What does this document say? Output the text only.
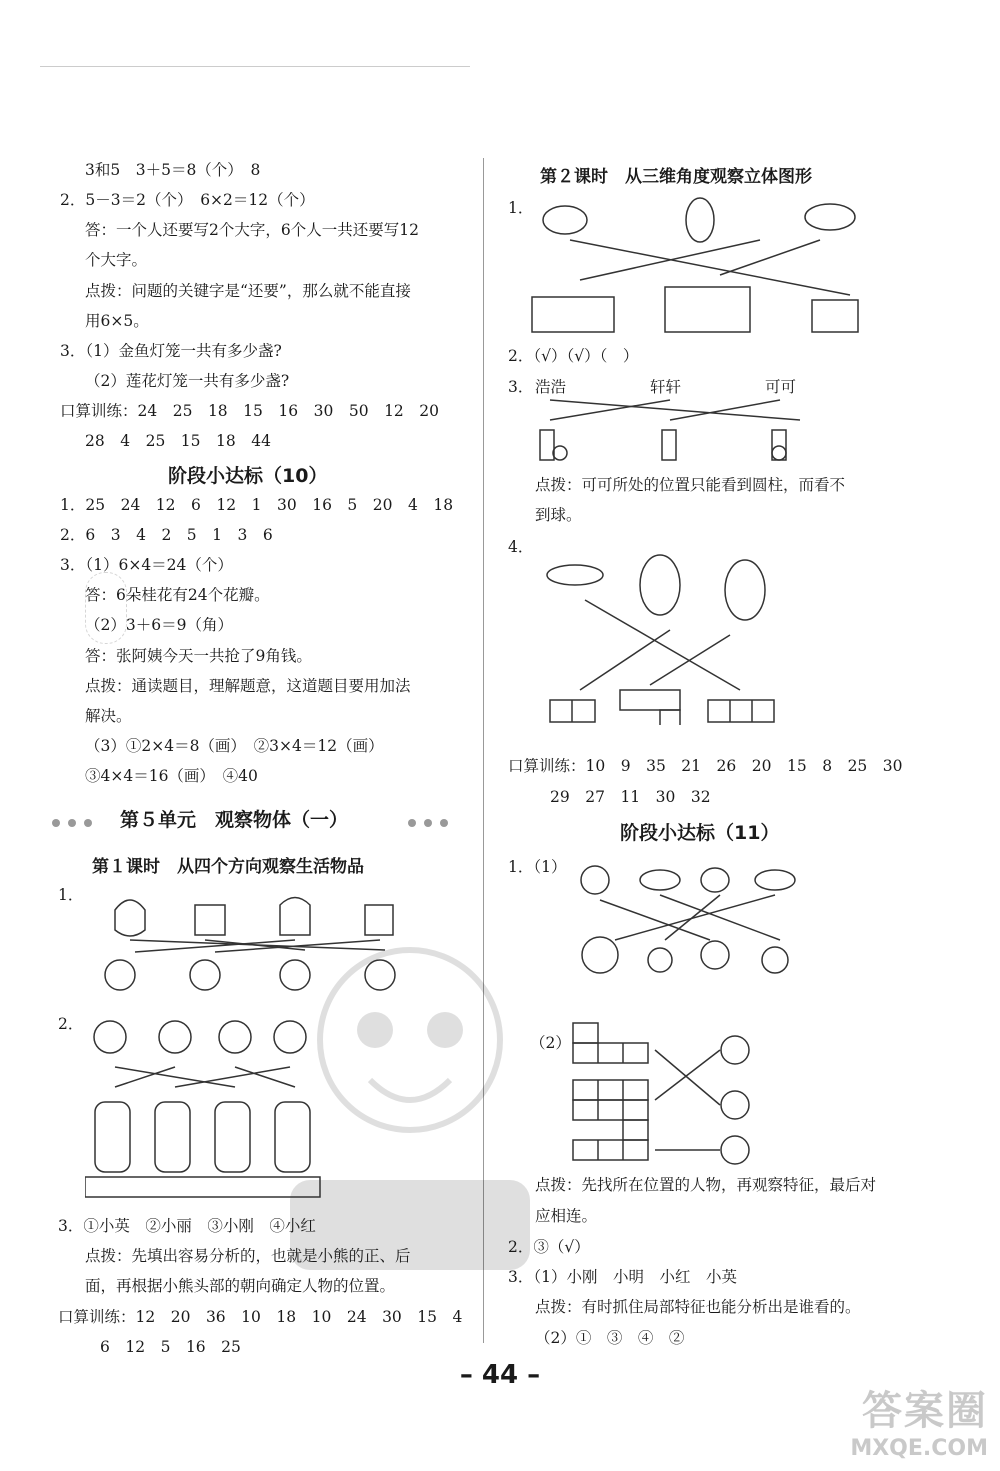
3和5　3＋5＝8（个）　8
2．5－3＝2（个）　6×2＝12（个）
答：一个人还要写2个大字，6个人一共还要写12
个大字。
点拨：问题的关键字是“还要”，那么就不能直接
用6×5。
3．（1）金鱼灯笼一共有多少盏?
（2）莲花灯笼一共有多少盏?
口算训练：24　25　18　15　16　30　50　12　20
28　4　25　15　18　44
阶段小达标（10）
1．25　24　12　6　12　1　30　16　5　20　4　18
2．6　3　4　2　5　1　3　6
3．（1）6×4＝24（个）
答：6朵桂花有24个花瓣。
（2）3＋6＝9（角）
答：张阿姨今天一共抢了9角钱。
点拨：通读题目，理解题意，这道题目要用加法
解决。
（3）①2×4＝8（画）　②3×4＝12（画）
③4×4＝16（画）　④40
第５单元　观察物体（一）
第１课时　从四个方向观察生活物品
1．
2．
3．①小英　②小丽　③小刚　④小红
点拨：先填出容易分析的，也就是小熊的正、后
面，再根据小熊头部的朝向确定人物的位置。
口算训练：12　20　36　10　18　10　24　30　15　4
6　12　5　16　25
第２课时　从三维角度观察立体图形
1．
2．（√）（√）（　）
3． 浩浩	轩轩	可可
点拨：可可所处的位置只能看到圆柱，而看不
到球。
4．
口算训练：10　9　35　21　26　20　15　8　25　30
29　27　11　30　32
阶段小达标（11）
1．（1）
（2）
点拨：先找所在位置的人物，再观察特征，最后对
应相连。
2．③（√）
3．（1）小刚　小明　小红　小英
点拨：有时抓住局部特征也能分析出是谁看的。
（2）①　③　④　②
– 44 –
答案圈
MXQE.COM
